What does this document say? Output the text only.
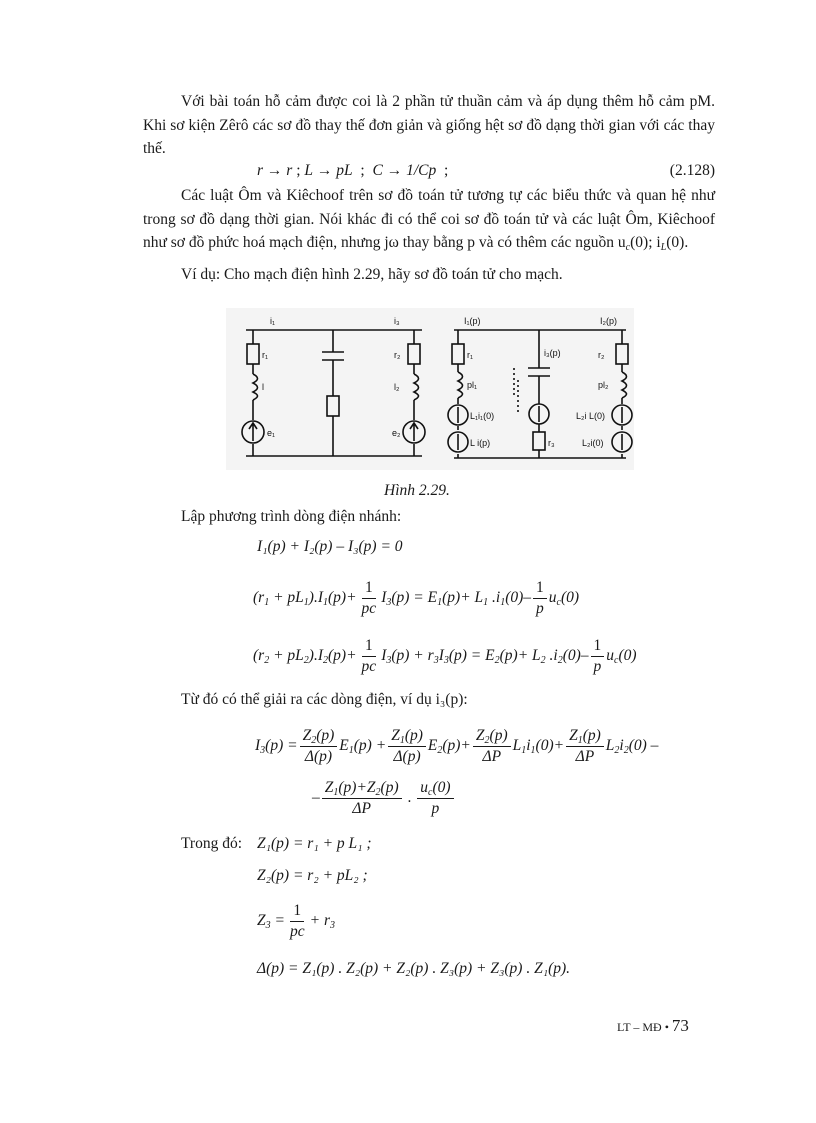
Với bài toán hỗ cảm được coi là 2 phần tử thuần cảm và áp dụng thêm hỗ cảm pM. Khi sơ kiện Zêrô các sơ đồ thay thế đơn giản và giống hệt sơ đồ dạng thời gian với các thay thế.
r
→
r
;
L
→
pL
;
C
→
1/Cp
;	(2.128)
Các luật Ôm và Kiêchoof trên sơ đồ toán tử tương tự các biểu thức và quan hệ như trong sơ đồ dạng thời gian. Nói khác đi có thể coi sơ đồ toán tử và các luật Ôm, Kiêchoof như sơ đồ phức hoá mạch điện, nhưng jω thay bằng p và có thêm các nguồn $u_c(0)$; $i_L(0)$.
Ví dụ: Cho mạch điện hình 2.29, hãy sơ đồ toán tử cho mạch.
i₁	i₃
r₁
l
e₁
r₂
l₂
e₂
I₁(p)	I₂(p)
i₃(p)
r₁
pl₁
L₁i₁(0)
L i(p)	r₃
r₂
pl₂
L₂i L(0)
L₂i(0)
Hình 2.29.
Lập phương trình dòng điện nhánh:
I₁(p) + I₂(p) – I₃(p) = 0
$(r_1 + pL_1).I_1(p)+ \frac{1}{pc} I_3(p) = E_1(p)+ L_1$ $.i_1(0)- \frac{1}{p} u_c(0)$
$(r_2 + pL_2).I_2(p)+ \frac{1}{pc} I_3(p) + r_3I_3(p) = E_2(p)+ L_2$ $.i_2(0)- \frac{1}{p} u_c(0)$
Từ đó có thể giải ra các dòng điện, ví dụ i₃(p):
$I_3(p) = \frac{Z_2(p)}{\Delta(p)} E_1(p) + \frac{Z_1(p)}{\Delta(p)} E_2(p)+ \frac{Z_2(p)}{\Delta P} L_1i_1(0)+ \frac{Z_1(p)}{\Delta P} L_2i_2(0)$ –
– $\frac{Z_1(p)+Z_2(p)}{\Delta P}$ . $\frac{u_c(0)}{p}$
Trong đó: Z₁(p) = r₁ + p L₁ ;
Z₂(p) = r₂ + pL₂ ;
$Z_3 = \frac{1}{pc} + r_3$
Δ(p) = Z₁(p) . Z₂(p) + Z₂(p) . Z₃(p) + Z₃(p) . Z₁(p).
LT – MĐ • 73
